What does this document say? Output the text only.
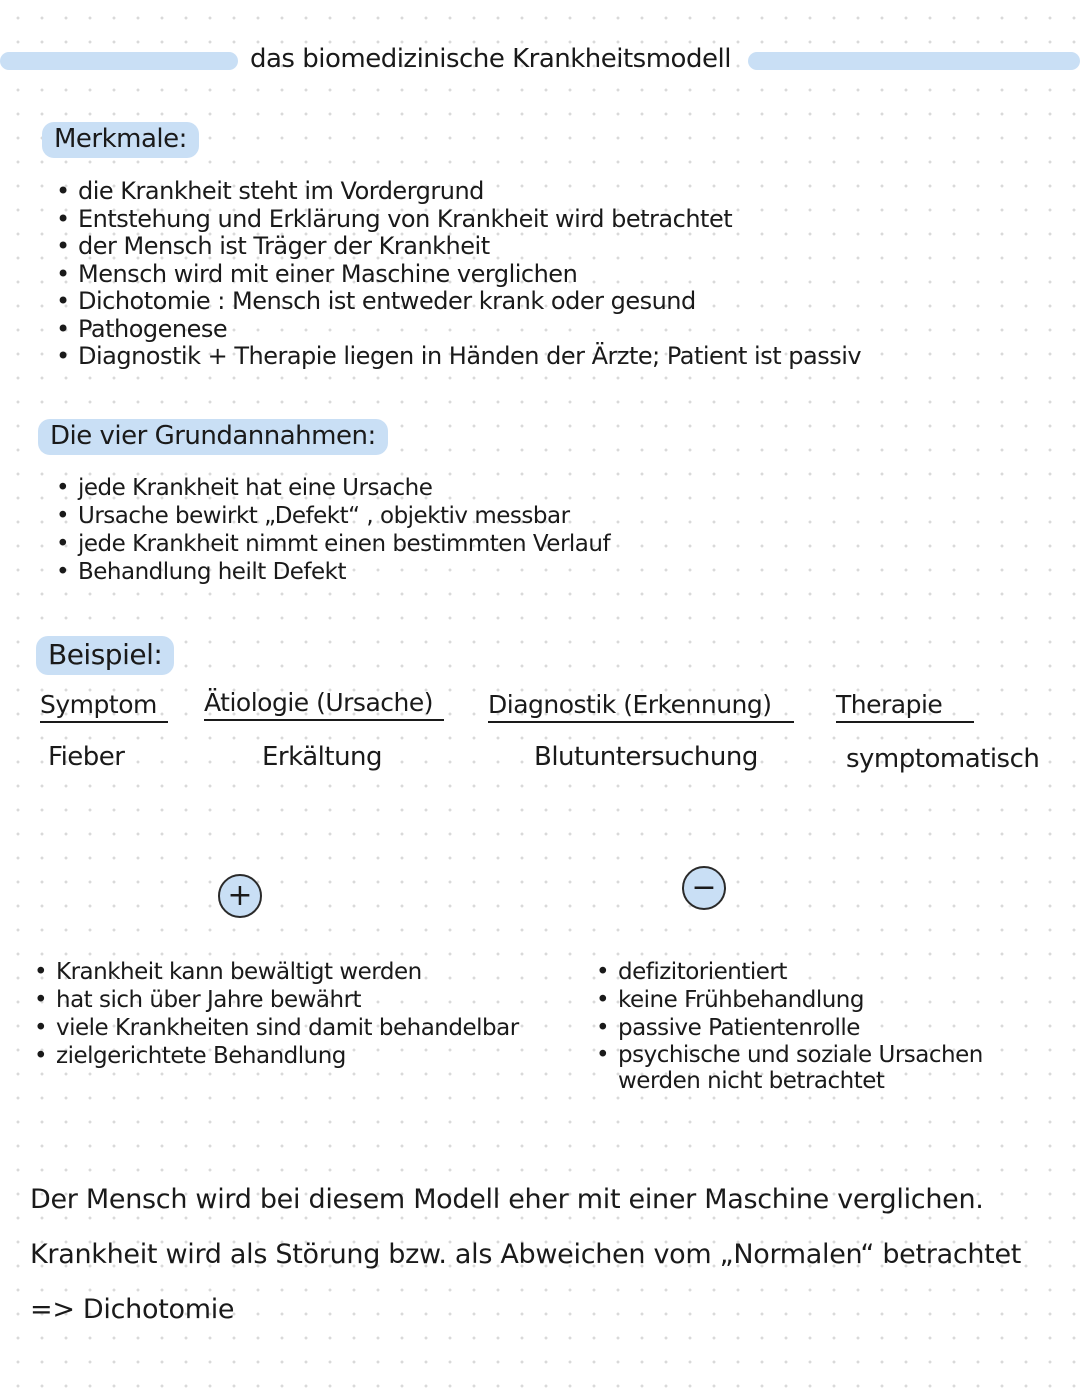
das biomedizinische Krankheitsmodell
Merkmale:
• die Krankheit steht im Vordergrund
• Entstehung und Erklärung von Krankheit wird betrachtet
• der Mensch ist Träger der Krankheit
• Mensch wird mit einer Maschine verglichen
• Dichotomie : Mensch ist entweder krank oder gesund
• Pathogenese
• Diagnostik + Therapie liegen in Händen der Ärzte; Patient ist passiv
Die vier Grundannahmen:
• jede Krankheit hat eine Ursache
• Ursache bewirkt „Defekt“ , objektiv messbar
• jede Krankheit nimmt einen bestimmten Verlauf
• Behandlung heilt Defekt
Beispiel:
Symptom	Ätiologie (Ursache)	Diagnostik (Erkennung)	Therapie
Fieber	Erkältung	Blutuntersuchung	symptomatisch
+	−
• Krankheit kann bewältigt werden
• hat sich über Jahre bewährt
• viele Krankheiten sind damit behandelbar
• zielgerichtete Behandlung
• defizitorientiert
• keine Frühbehandlung
• passive Patientenrolle
• psychische und soziale Ursachen werden nicht betrachtet
Der Mensch wird bei diesem Modell eher mit einer Maschine verglichen. Krankheit wird als Störung bzw. als Abweichen vom „Normalen“ betrachtet => Dichotomie
